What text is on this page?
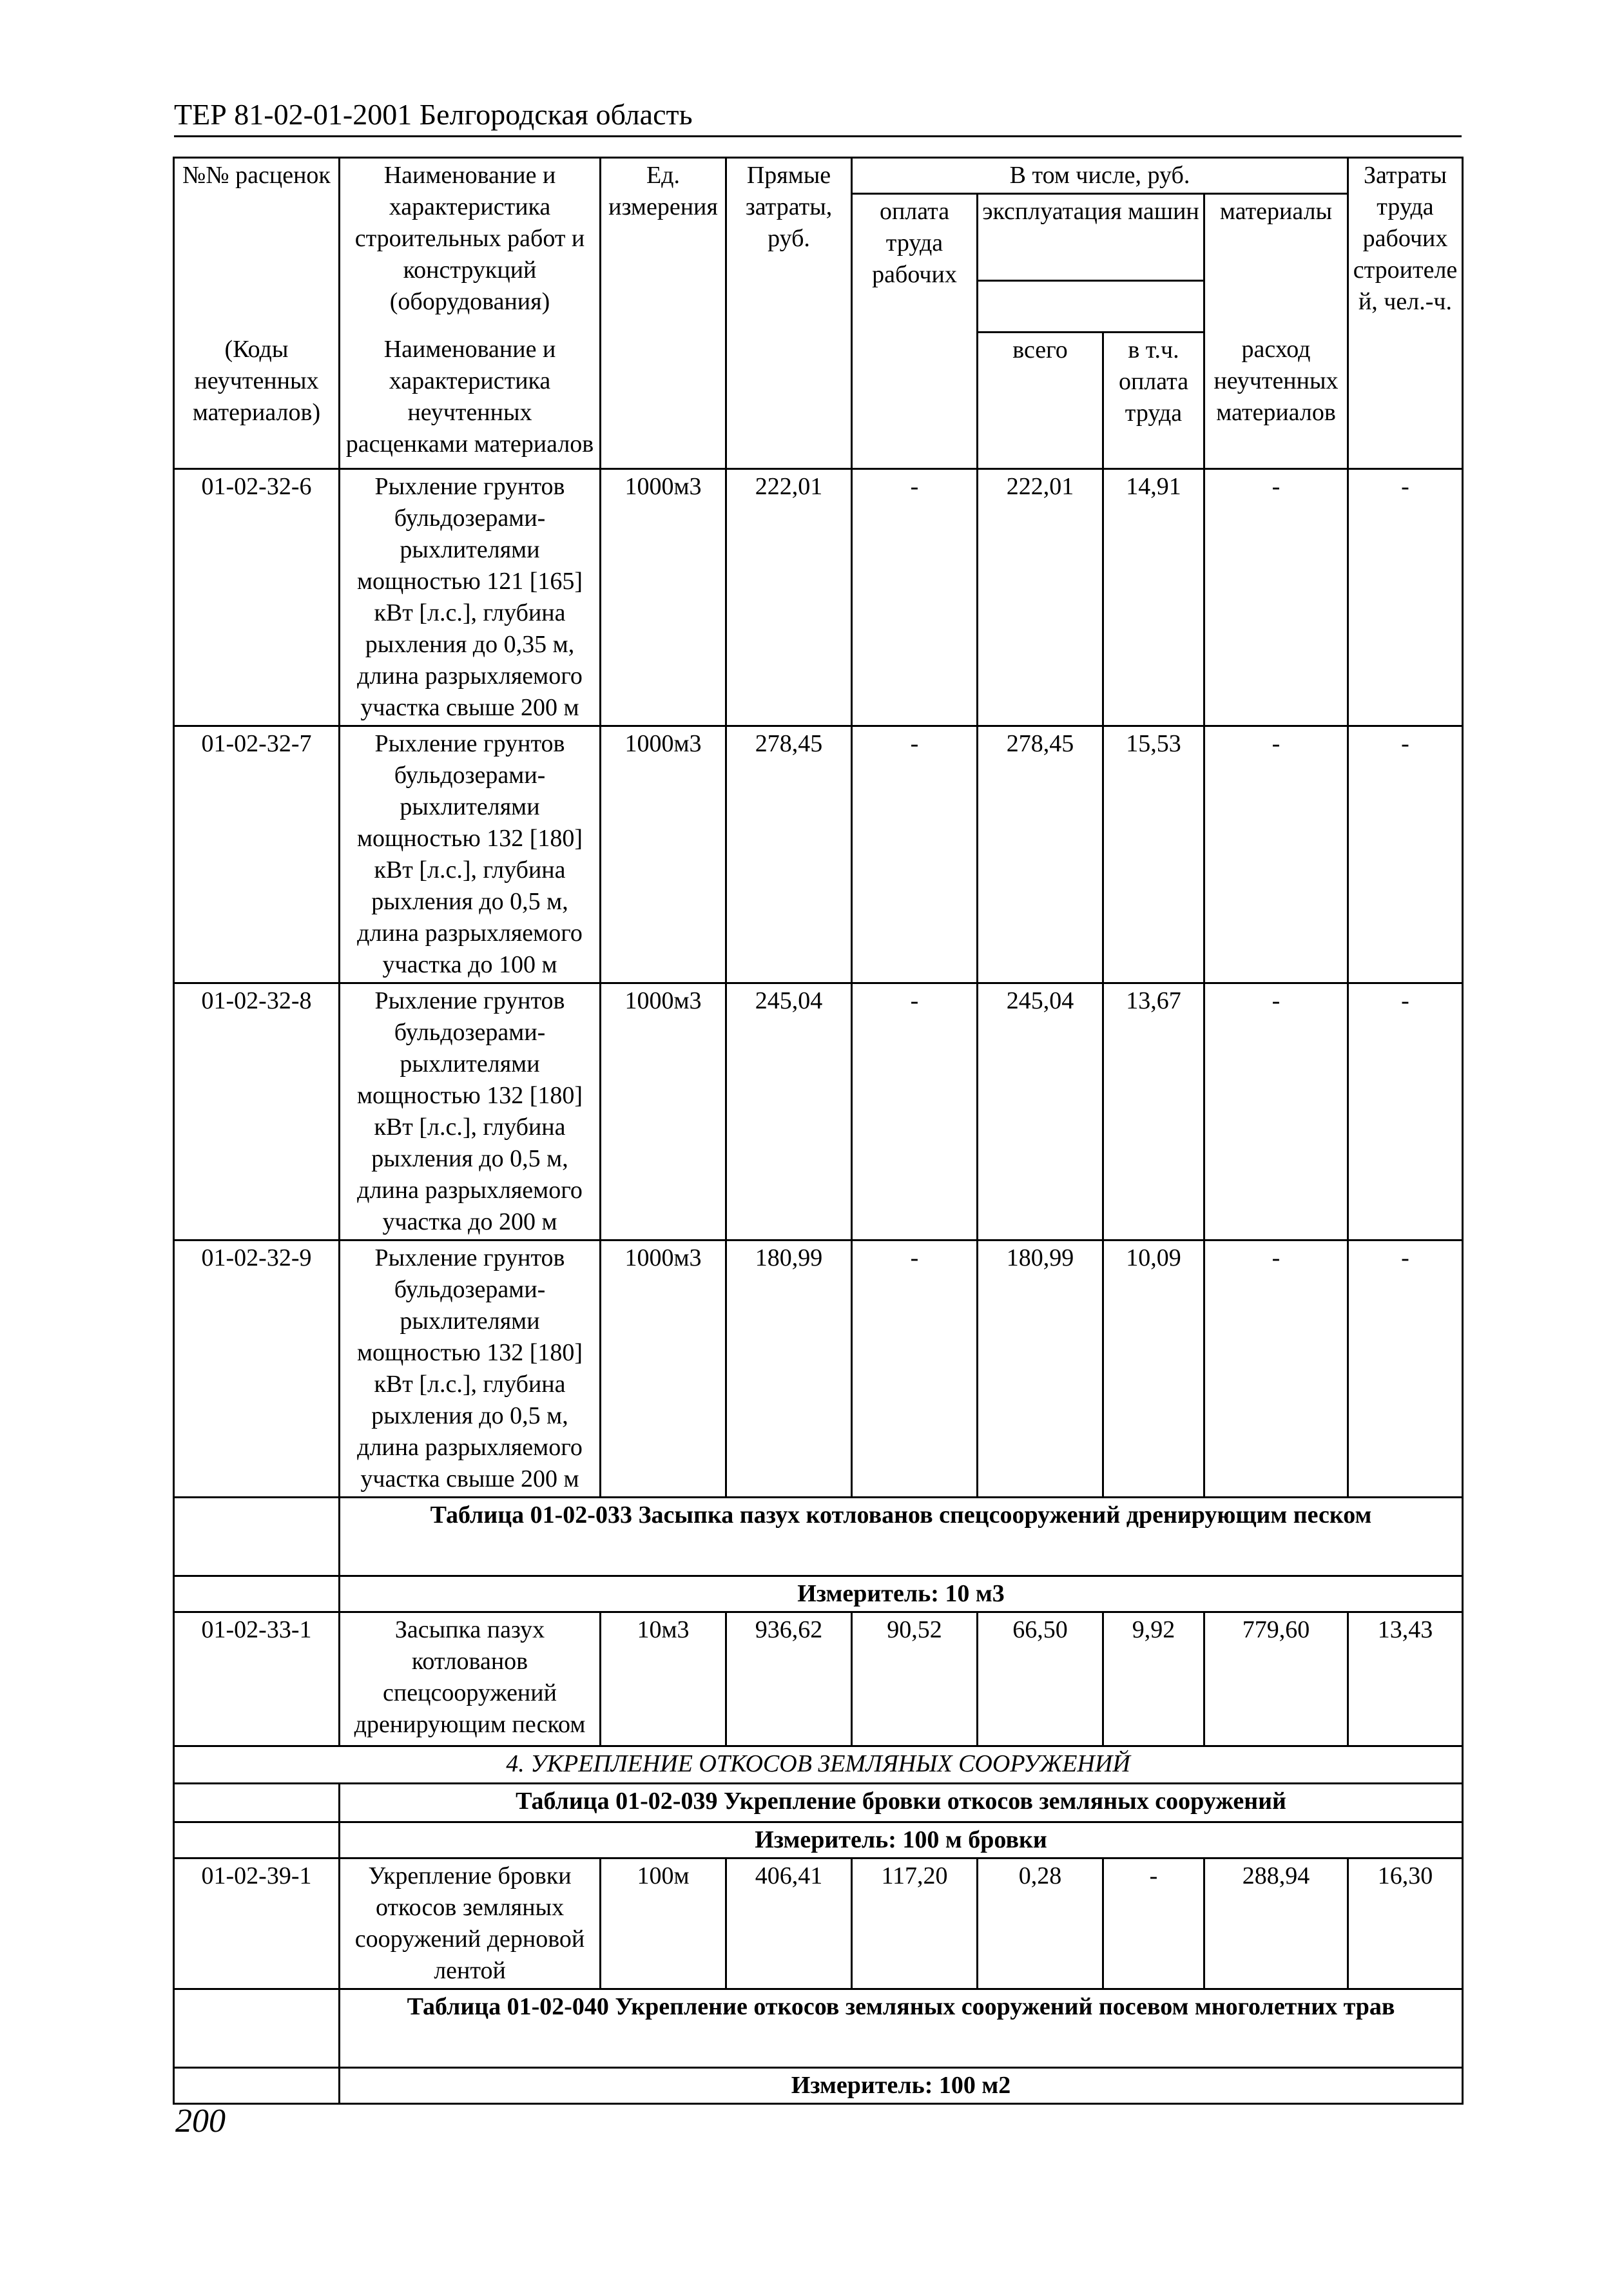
ТЕР 81-02-01-2001 Белгородская область
№№ расценок	Наименование и характеристика строительных работ и конструкций (оборудования)	Ед. измерения	Прямые затраты, руб.	В том числе, руб.				Затраты труда рабочих строителей, чел.-ч.
				оплата труда рабочих	эксплуатация машин		материалы	

(Коды неучтенных материалов)	Наименование и характеристика неучтенных расценками материалов				всего	в т.ч. оплата труда	расход неучтенных материалов	

01-02-32-6	Рыхление грунтов бульдозерами-рыхлителями мощностью 121 [165] кВт [л.с.], глубина рыхления до 0,35 м, длина разрыхляемого участка свыше 200 м	1000м3	222,01	-	222,01	14,91	-	-
01-02-32-7	Рыхление грунтов бульдозерами-рыхлителями мощностью 132 [180] кВт [л.с.], глубина рыхления до 0,5 м, длина разрыхляемого участка до 100 м	1000м3	278,45	-	278,45	15,53	-	-
01-02-32-8	Рыхление грунтов бульдозерами-рыхлителями мощностью 132 [180] кВт [л.с.], глубина рыхления до 0,5 м, длина разрыхляемого участка до 200 м	1000м3	245,04	-	245,04	13,67	-	-
01-02-32-9	Рыхление грунтов бульдозерами-рыхлителями мощностью 132 [180] кВт [л.с.], глубина рыхления до 0,5 м, длина разрыхляемого участка свыше 200 м	1000м3	180,99	-	180,99	10,09	-	-
	Таблица 01-02-033 Засыпка пазух котлованов спецсооружений дренирующим песком							
	Измеритель: 10 м3							
01-02-33-1	Засыпка пазух котлованов спецсооружений дренирующим песком	10м3	936,62	90,52	66,50	9,92	779,60	13,43
4. УКРЕПЛЕНИЕ ОТКОСОВ ЗЕМЛЯНЫХ СООРУЖЕНИЙ								
	Таблица 01-02-039 Укрепление бровки откосов земляных сооружений							
	Измеритель: 100 м бровки							
01-02-39-1	Укрепление бровки откосов земляных сооружений дерновой лентой	100м	406,41	117,20	0,28	-	288,94	16,30
	Таблица 01-02-040 Укрепление откосов земляных сооружений посевом многолетних трав							
	Измеритель: 100 м2							
200
